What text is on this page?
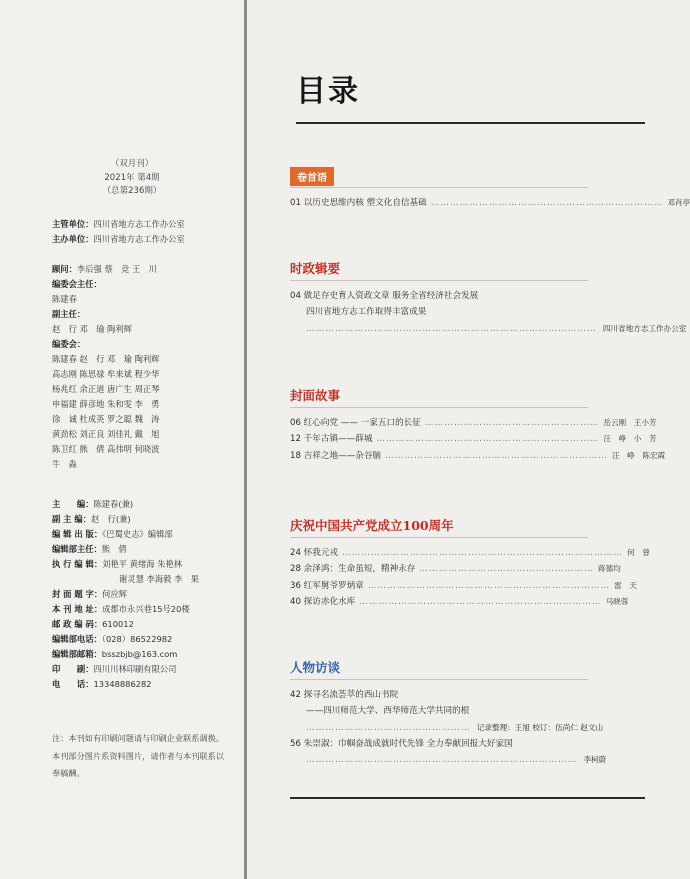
（双月刊）
2021年 第4期
（总第236期）
主管单位：四川省地方志工作办公室
主办单位：四川省地方志工作办公室
顾问：李后强 蔡　竞 王　川
编委会主任：
陈建春
副主任：
赵　行 邓　瑜 陶利辉
编委会：
陈建春 赵　行 邓　瑜 陶利辉
高志刚 陈思禄 牟来斌 程少华
杨兆红 余正道 唐广生 周正琴
申福建 薛彦地 朱和雯 李　勇
徐　诚 杜成英 罗之聪 魏　涛
黄劲松 刘正良 刘佳礼 戴　旭
陈卫红 熊　倩 高伟明 何晓波
牛　淼
主　　编：陈建春(兼)
副 主 编：赵　行(兼)
编 辑 出 版：《巴蜀史志》编辑部
编辑部主任：熊　倩
执 行 编 辑：刘艳平 黄绪海 朱艳林
谢灵慧 李海毅 李　果
封 面 题 字：何应辉
本 刊 地 址：成都市永兴巷15号20楼
邮 政 编 码：610012
编辑部电话：（028）86522982
编辑部邮箱：bsszbjb@163.com
印　　刷：四川川林印刷有限公司
电　　话：13348886282
注：本刊如有印刷问题请与印刷企业联系调换。本刊部分图片系资料图片，请作者与本刊联系以奉稿酬。
目录
卷首语
01 以历史思维内核 塑文化自信基础 ……………………………………………………………… 邓肖亭
时政辑要
04 做足存史育人资政文章 服务全省经济社会发展
四川省地方志工作取得丰富成果
……………………………………………………………………………… 四川省地方志工作办公室
封面故事
06 红心向党 —— 一家五口的长征 ……………………………………………… 岳云刚　王小芳
12 千年古镇——薛城 …………………………………………………………… 汪　峥　小　芳
18 吉祥之地——杂谷脑 …………………………………………………………… 汪　峥　陈宏霞
庆祝中国共产党成立100周年
24 怀我元戎 …………………………………………………………………………… 何　曾
28 余泽鸿：生命虽短，精神永存 ……………………………………………… 蒋德均
36 红军舅爷罗炳章 ………………………………………………………………… 雷　天
40 探访赤化水库 ………………………………………………………………… 马晓蓉
人物访谈
42 探寻名流荟萃的西山书院
——四川师范大学、西华师范大学共同的根
…………………………………………… 记录整理：王旭 校订：伍尚仁 赵文山
56 朱崇淑：巾帼奋战成就时代先锋 全力奉献回报大好家国
………………………………………………………………………… 李柯蔚
